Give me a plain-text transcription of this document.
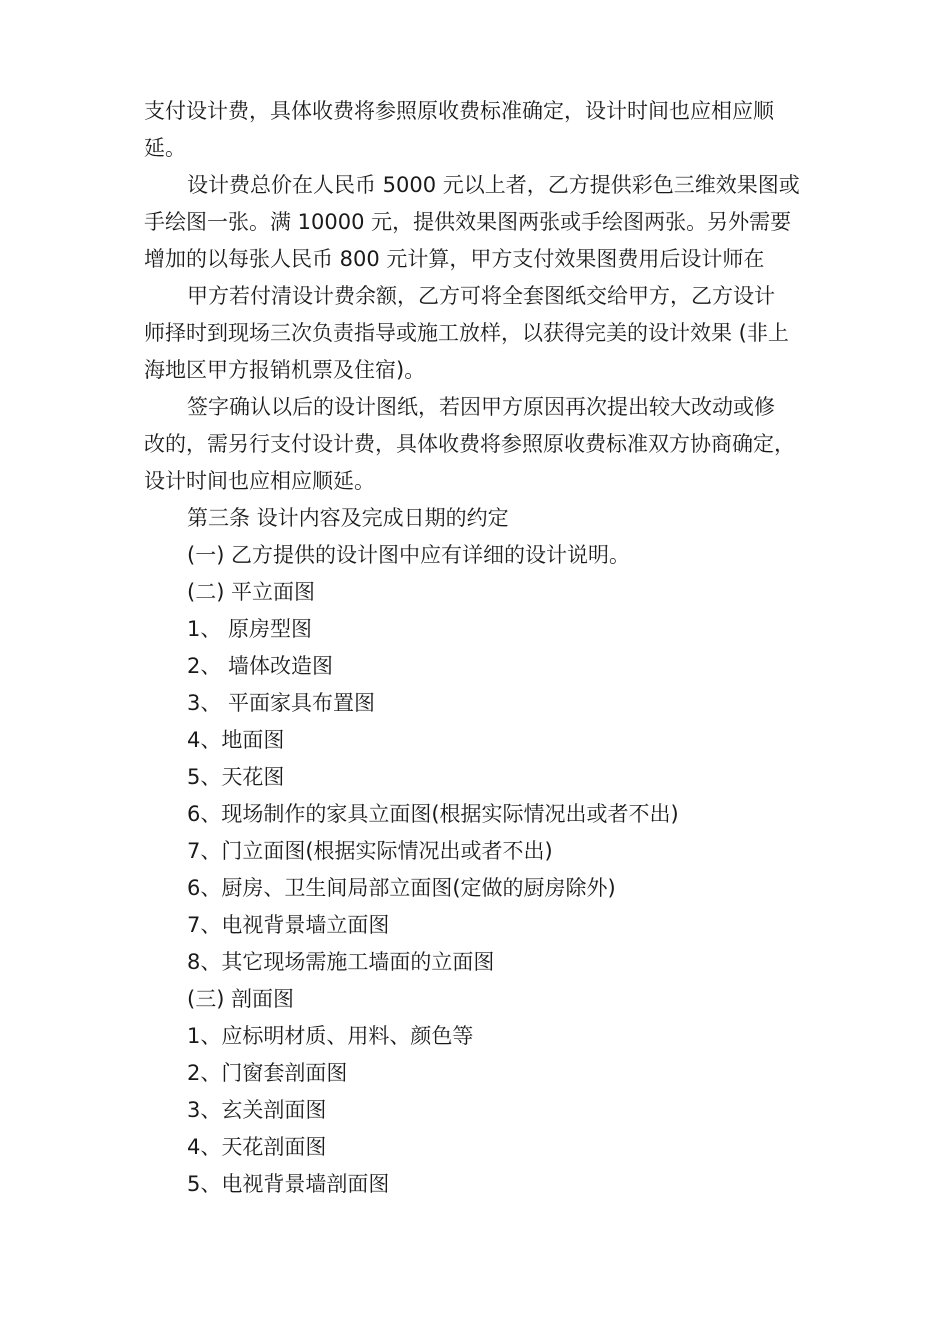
支付设计费，具体收费将参照原收费标准确定，设计时间也应相应顺
延。
设计费总价在人民币 5000 元以上者，乙方提供彩色三维效果图或
手绘图一张。满 10000 元，提供效果图两张或手绘图两张。另外需要
增加的以每张人民币 800 元计算，甲方支付效果图费用后设计师在
甲方若付清设计费余额，乙方可将全套图纸交给甲方，乙方设计
师择时到现场三次负责指导或施工放样，以获得完美的设计效果 (非上
海地区甲方报销机票及住宿)。
签字确认以后的设计图纸，若因甲方原因再次提出较大改动或修
改的，需另行支付设计费，具体收费将参照原收费标准双方协商确定，
设计时间也应相应顺延。
第三条 设计内容及完成日期的约定
(一) 乙方提供的设计图中应有详细的设计说明。
(二) 平立面图
1、 原房型图
2、 墙体改造图
3、 平面家具布置图
4、地面图
5、天花图
6、现场制作的家具立面图(根据实际情况出或者不出)
7、门立面图(根据实际情况出或者不出)
6、厨房、卫生间局部立面图(定做的厨房除外)
7、电视背景墙立面图
8、其它现场需施工墙面的立面图
(三) 剖面图
1、应标明材质、用料、颜色等
2、门窗套剖面图
3、玄关剖面图
4、天花剖面图
5、电视背景墙剖面图
